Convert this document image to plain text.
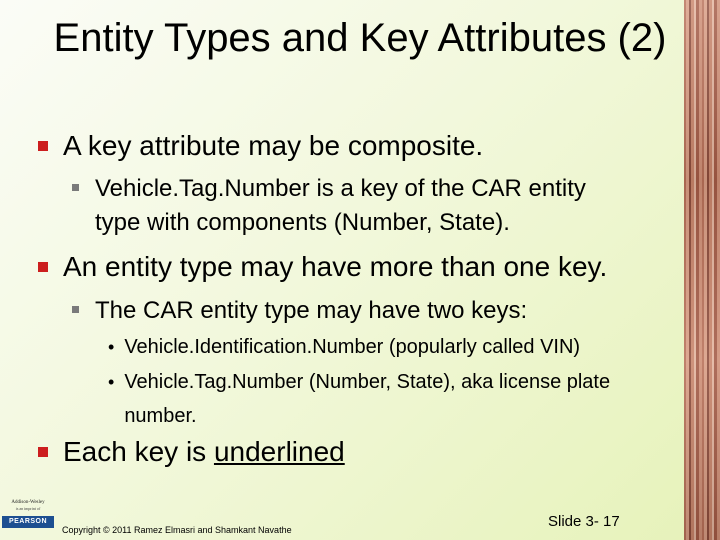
Entity Types and Key Attributes (2)
A key attribute may be composite.
Vehicle.Tag.Number is a key of the CAR entity type with components (Number, State).
An entity type may have more than one key.
The CAR entity type may have two keys:
• Vehicle.Identification.Number (popularly called VIN)
• Vehicle.Tag.Number (Number, State), aka license plate number.
Each key is underlined
Addison-Wesley
is an imprint of
PEARSON
Copyright © 2011 Ramez Elmasri and Shamkant Navathe	Slide 3- 17
